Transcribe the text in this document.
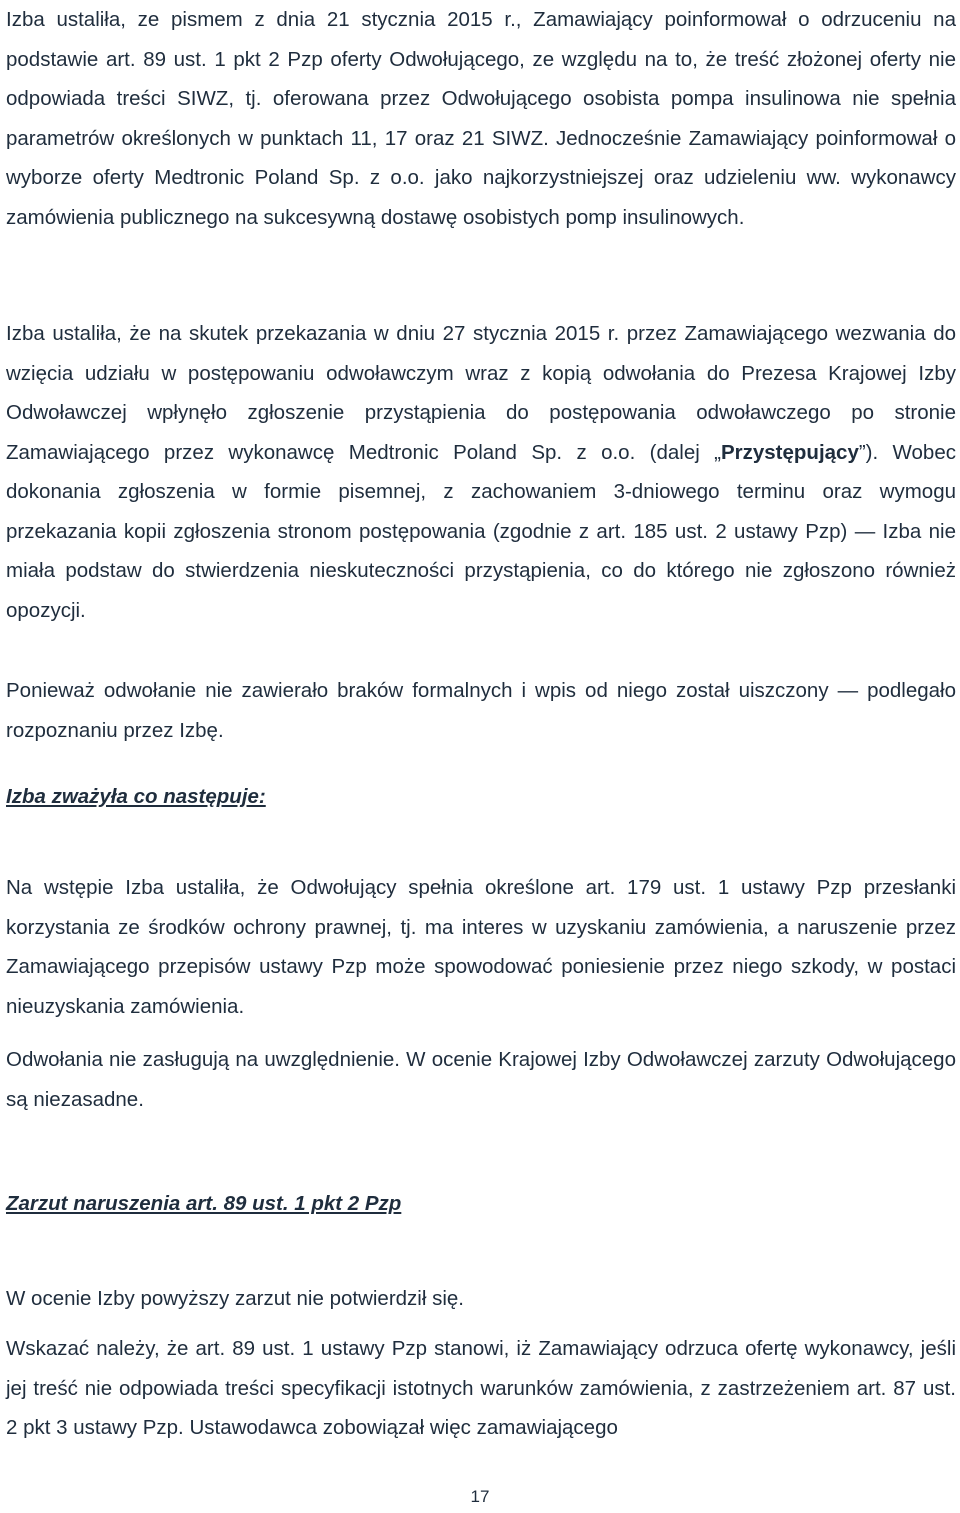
Izba ustaliła, ze pismem z dnia 21 stycznia 2015 r., Zamawiający poinformował o odrzuceniu na podstawie art. 89 ust. 1 pkt 2 Pzp oferty Odwołującego, ze względu na to, że treść złożonej oferty nie odpowiada treści SIWZ, tj. oferowana przez Odwołującego osobista pompa insulinowa nie spełnia parametrów określonych w punktach 11, 17 oraz 21 SIWZ. Jednocześnie Zamawiający poinformował o wyborze oferty Medtronic Poland Sp. z o.o. jako najkorzystniejszej oraz udzieleniu ww. wykonawcy zamówienia publicznego na sukcesywną dostawę osobistych pomp insulinowych.

Izba ustaliła, że na skutek przekazania w dniu 27 stycznia 2015 r. przez Zamawiającego wezwania do wzięcia udziału w postępowaniu odwoławczym wraz z kopią odwołania do Prezesa Krajowej Izby Odwoławczej wpłynęło zgłoszenie przystąpienia do postępowania odwoławczego po stronie Zamawiającego przez wykonawcę Medtronic Poland Sp. z o.o. (dalej „Przystępujący”). Wobec dokonania zgłoszenia w formie pisemnej, z zachowaniem 3-dniowego terminu oraz wymogu przekazania kopii zgłoszenia stronom postępowania (zgodnie z art. 185 ust. 2 ustawy Pzp) — Izba nie miała podstaw do stwierdzenia nieskuteczności przystąpienia, co do którego nie zgłoszono również opozycji.

Ponieważ odwołanie nie zawierało braków formalnych i wpis od niego został uiszczony — podlegało rozpoznaniu przez Izbę.

Izba zważyła co następuje:

Na wstępie Izba ustaliła, że Odwołujący spełnia określone art. 179 ust. 1 ustawy Pzp przesłanki korzystania ze środków ochrony prawnej, tj. ma interes w uzyskaniu zamówienia, a naruszenie przez Zamawiającego przepisów ustawy Pzp może spowodować poniesienie przez niego szkody, w postaci nieuzyskania zamówienia.

Odwołania nie zasługują na uwzględnienie. W ocenie Krajowej Izby Odwoławczej zarzuty Odwołującego są niezasadne.

Zarzut naruszenia art. 89 ust. 1 pkt 2 Pzp

W ocenie Izby powyższy zarzut nie potwierdził się.

Wskazać należy, że art. 89 ust. 1 ustawy Pzp stanowi, iż Zamawiający odrzuca ofertę wykonawcy, jeśli jej treść nie odpowiada treści specyfikacji istotnych warunków zamówienia, z zastrzeżeniem art. 87 ust. 2 pkt 3 ustawy Pzp. Ustawodawca zobowiązał więc zamawiającego

17
